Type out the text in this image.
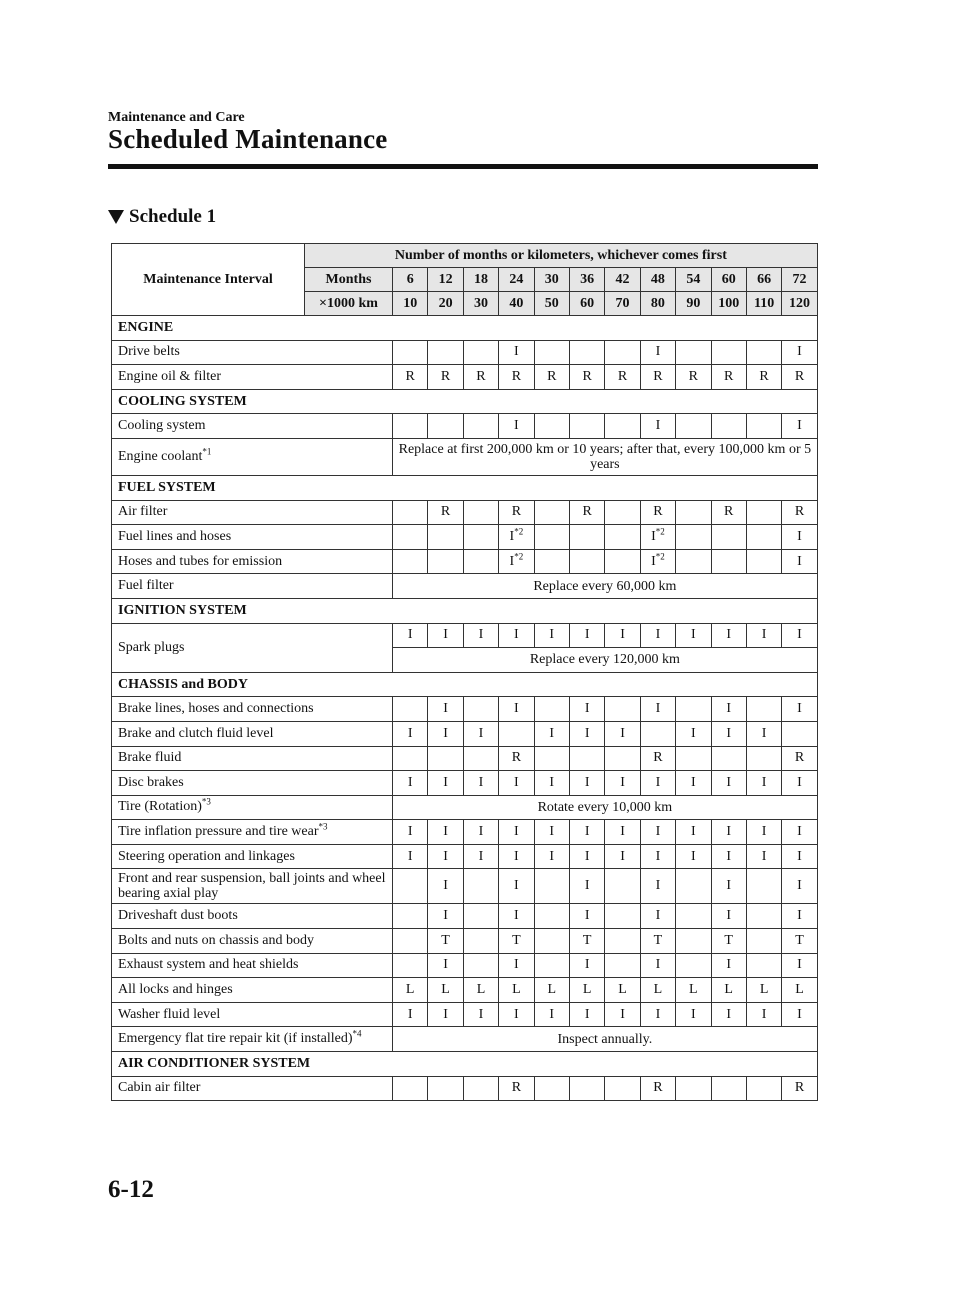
Maintenance and Care
Scheduled Maintenance
Schedule 1
Maintenance Interval	Number of months or kilometers, whichever comes first												
	Months	6	12	18	24	30	36	42	48	54	60	66	72
	×1000 km	10	20	30	40	50	60	70	80	90	100	110	120
ENGINE													
Drive belts					I				I				I
Engine oil & filter		R	R	R	R	R	R	R	R	R	R	R	R
COOLING SYSTEM													
Cooling system					I				I				I
Engine coolant$^{*1}$		Replace at first 200,000 km or 10 years; after that, every 100,000 km or 5 years											
FUEL SYSTEM													
Air filter			R		R		R		R		R		R
Fuel lines and hoses					$I^{*2}$				$I^{*2}$				I
Hoses and tubes for emission					$I^{*2}$				$I^{*2}$				I
Fuel filter		Replace every 60,000 km											
IGNITION SYSTEM													
Spark plugs		I	I	I	I	I	I	I	I	I	I	I	I
		Replace every 120,000 km											
CHASSIS and BODY													
Brake lines, hoses and connections			I		I		I		I		I		I
Brake and clutch fluid level		I	I	I		I	I	I		I	I	I	
Brake fluid					R				R				R
Disc brakes		I	I	I	I	I	I	I	I	I	I	I	I
Tire (Rotation)$^{*3}$		Rotate every 10,000 km											
Tire inflation pressure and tire wear$^{*3}$		I	I	I	I	I	I	I	I	I	I	I	I
Steering operation and linkages		I	I	I	I	I	I	I	I	I	I	I	I
Front and rear suspension, ball joints and wheel bearing axial play			I		I		I		I		I		I
Driveshaft dust boots			I		I		I		I		I		I
Bolts and nuts on chassis and body			T		T		T		T		T		T
Exhaust system and heat shields			I		I		I		I		I		I
All locks and hinges		L	L	L	L	L	L	L	L	L	L	L	L
Washer fluid level		I	I	I	I	I	I	I	I	I	I	I	I
Emergency flat tire repair kit (if installed)$^{*4}$		Inspect annually.											
AIR CONDITIONER SYSTEM													
Cabin air filter					R				R				R
6-12
